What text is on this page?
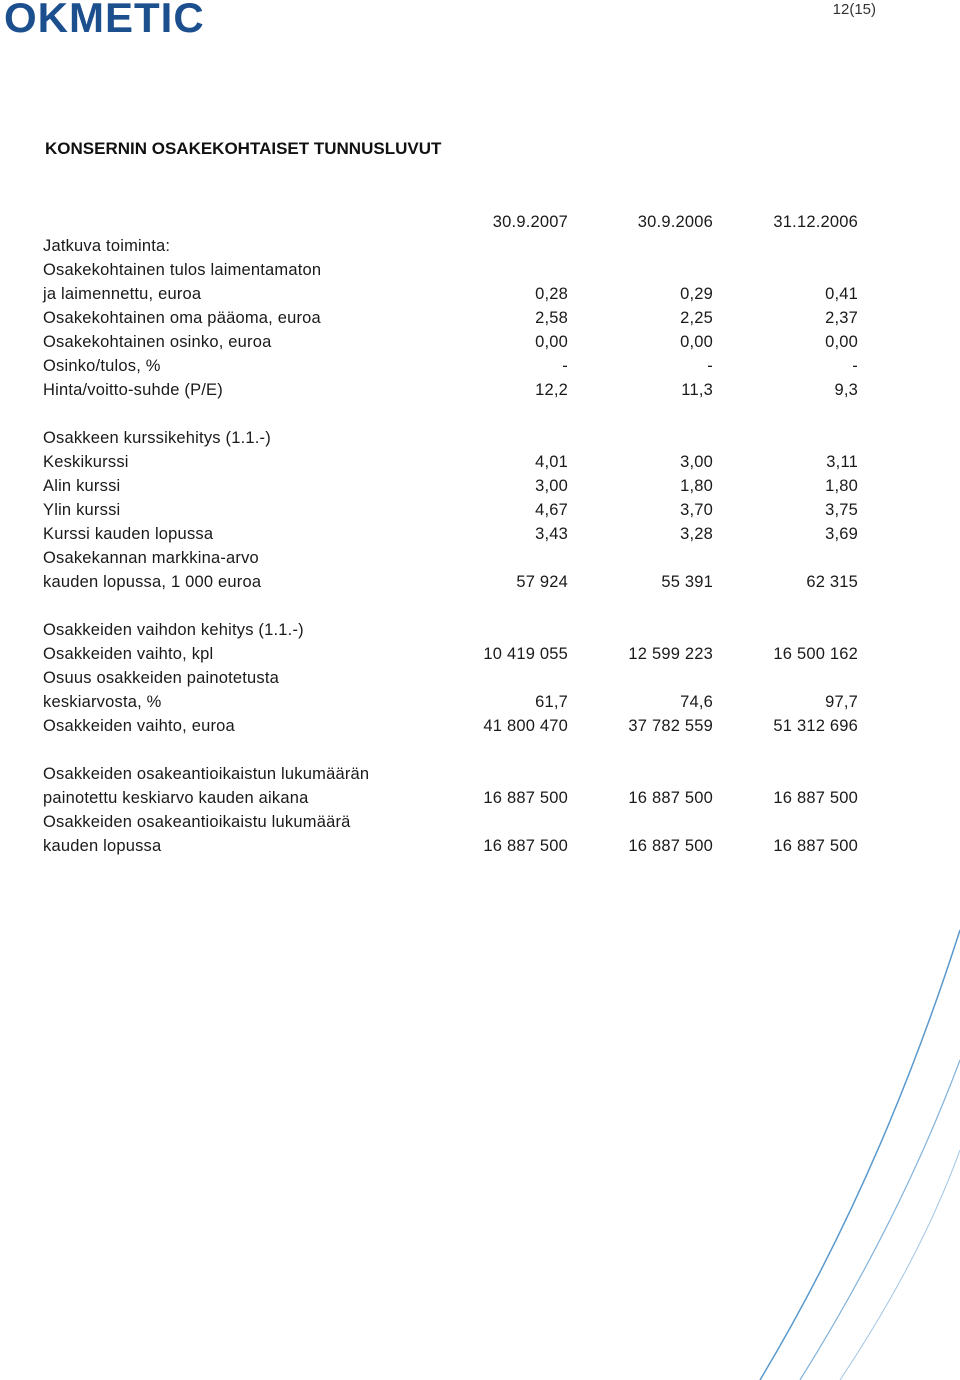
OKMETIC	12(15)
KONSERNIN OSAKEKOHTAISET TUNNUSLUVUT
	30.9.2007	30.9.2006	31.12.2006
Jatkuva toiminta:			
Osakekohtainen tulos laimentamaton			
ja laimennettu, euroa	0,28	0,29	0,41
Osakekohtainen oma pääoma, euroa	2,58	2,25	2,37
Osakekohtainen osinko, euroa	0,00	0,00	0,00
Osinko/tulos, %	-	-	-
Hinta/voitto-suhde (P/E)	12,2	11,3	9,3

Osakkeen kurssikehitys (1.1.-)			
Keskikurssi	4,01	3,00	3,11
Alin kurssi	3,00	1,80	1,80
Ylin kurssi	4,67	3,70	3,75
Kurssi kauden lopussa	3,43	3,28	3,69
Osakekannan markkina-arvo			
kauden lopussa, 1 000 euroa	57 924	55 391	62 315

Osakkeiden vaihdon kehitys (1.1.-)			
Osakkeiden vaihto, kpl	10 419 055	12 599 223	16 500 162
Osuus osakkeiden painotetusta			
keskiarvosta, %	61,7	74,6	97,7
Osakkeiden vaihto, euroa	41 800 470	37 782 559	51 312 696

Osakkeiden osakeantioikaistun lukumäärän			
painotettu keskiarvo kauden aikana	16 887 500	16 887 500	16 887 500
Osakkeiden osakeantioikaistu lukumäärä			
kauden lopussa	16 887 500	16 887 500	16 887 500
